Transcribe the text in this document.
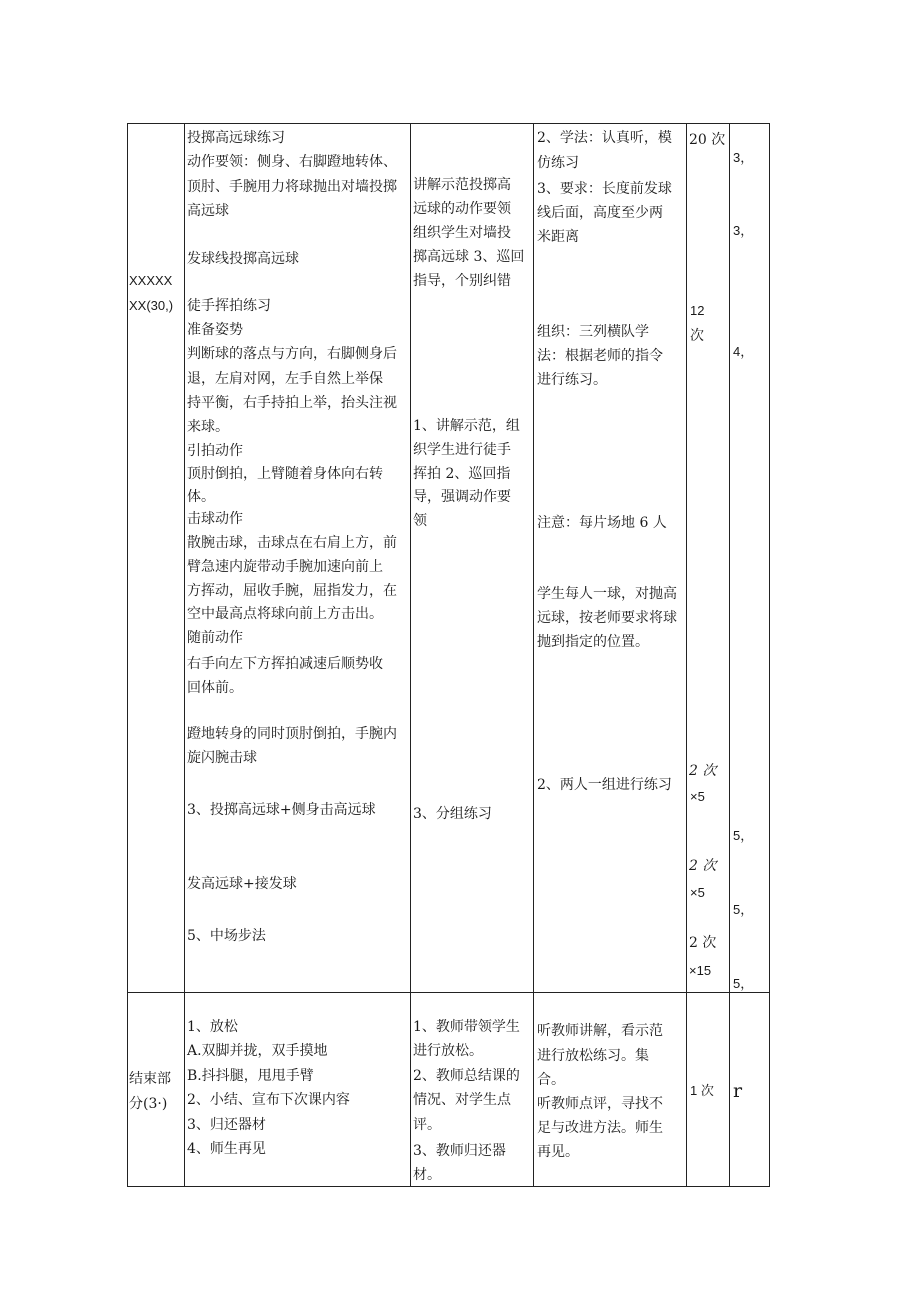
XXXXX
XX(30,)
投掷高远球练习
动作要领：侧身、右脚蹬地转体、
顶肘、手腕用力将球抛出对墙投掷
高远球
发球线投掷高远球
徒手挥拍练习
准备姿势
判断球的落点与方向，右脚侧身后
退，左肩对网，左手自然上举保
持平衡，右手持拍上举，抬头注视
来球。
引拍动作
顶肘倒拍，上臂随着身体向右转
体。
击球动作
散腕击球，击球点在右肩上方，前
臂急速内旋带动手腕加速向前上
方挥动，屈收手腕，屈指发力，在
空中最高点将球向前上方击出。
随前动作
右手向左下方挥拍减速后顺势收
回体前。
蹬地转身的同时顶肘倒拍，手腕内
旋闪腕击球
3、投掷高远球+侧身击高远球
发高远球+接发球
5、中场步法
讲解示范投掷高
远球的动作要领
组织学生对墙投
掷高远球 3、巡回
指导，个别纠错
1、讲解示范，组
织学生进行徒手
挥拍 2、巡回指
导，强调动作要
领
3、分组练习
2、学法：认真听，模
仿练习
3、要求：长度前发球
线后面，高度至少两
米距离
组织：三列横队学
法：根据老师的指令
进行练习。
注意：每片场地 6 人
学生每人一球，对抛高
远球，按老师要求将球
抛到指定的位置。
2、两人一组进行练习
20 次
12
次
2 次
×5
2 次
×5
2 次
×15
3，
3，
4，
5，
5，
5，
结束部
分(3·)
1、放松
A.双脚并拢，双手摸地
B.抖抖腿，甩甩手臂
2、小结、宣布下次课内容
3、归还器材
4、师生再见
1、教师带领学生
进行放松。
2、教师总结课的
情况、对学生点
评。
3、教师归还器
材。
听教师讲解，看示范
进行放松练习。集
合。
听教师点评，寻找不
足与改进方法。师生
再见。
1 次 r
